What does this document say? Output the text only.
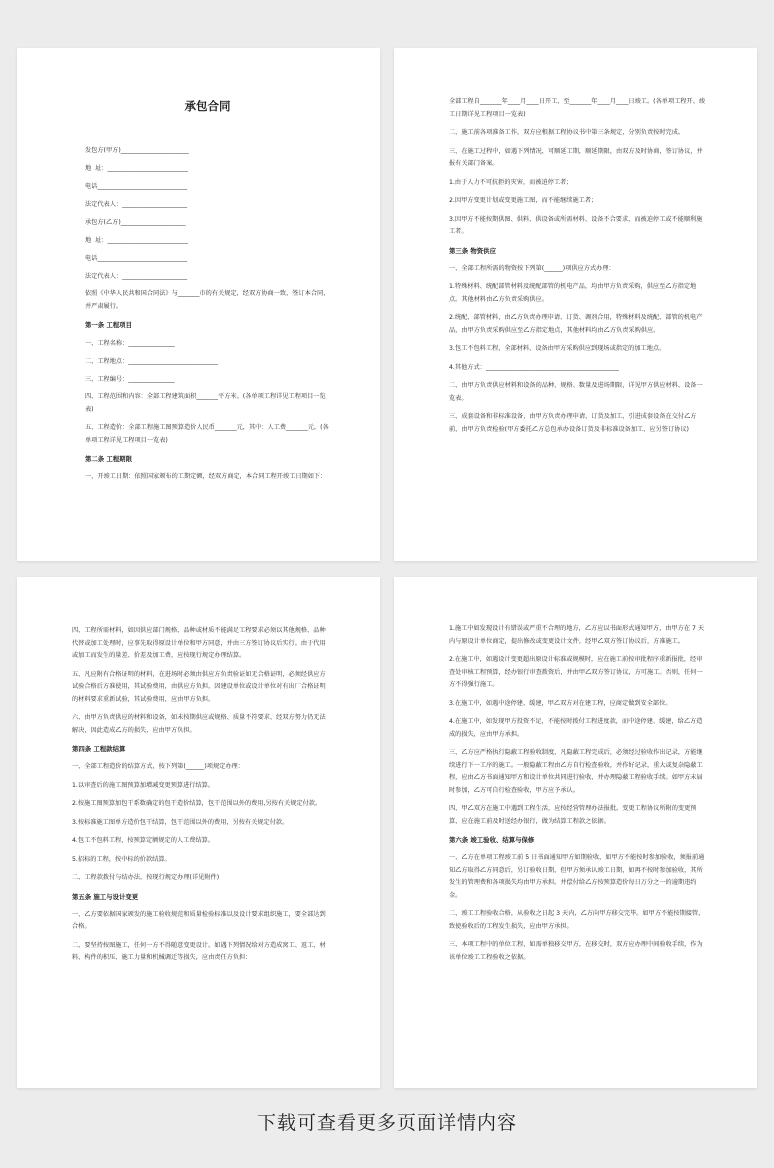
承包合同
发包方(甲方)______________________
地  址：__________________________
电话_____________________________
法定代表人：_____________________
承包方(乙方)_____________________
地  址：__________________________
电话_____________________________
法定代表人：_____________________
依照《中华人民共和国合同法》与_______市的有关规定，经双方协商一致，签订本合同，并严肃履行。
第一条 工程项目
一、工程名称：_______________
二、工程地点：_____________________________
三、工程编号：_______________
四、工程范围和内容：全部工程建筑面积_______平方米。(各单项工程详见工程项目一览表)
五、工程造价：全部工程施工图预算造价人民币_______元，其中：人工费_______元。(各单项工程详见工程项目一览表)
第二条 工程期限
一、开竣工日期：依照国家颁布的工期定额，经双方商定，本合同工程开竣工日期如下：
全部工程自_______年____月____日开工，至_______年____月____日竣工。(各单项工程开、竣工日期详见工程项目一览表)
二、施工前各项准备工作，双方应根据工程协议书中第三条规定，分别负责按时完成。
三、在施工过程中，如遇下列情况，可顺延工期，顺延期限，由双方及时协商，签订协议，并报有关部门备案。
1.由于人力不可抗拒的灾害，而被迫停工者；
2.因甲方变更计划或变更施工图，而不能继续施工者；
3.因甲方不能按期供图、供料、供设备或所需材料、设备不合要求，而被迫停工或不能顺利施工者。
第三条 物资供应
一、全部工程所需的物资按下列第(______)项供应方式办理：
1.特殊材料、统配部管材料及统配部管的机电产品，均由甲方负责采购，供应至乙方指定地点。其他材料由乙方负责采购供应。
2.统配、部管材料，由乙方负责办理申请、订货、调剂合用，特殊材料及统配、部管的机电产品，由甲方负责采购供应至乙方指定地点，其他材料均由乙方负责采购供应。
3.包工不包料工程，全部材料、设备由甲方采购供应到现场或指定的加工地点。
4.其他方式：___________________________________________
二、由甲方负责供应材料和设备的品种、规格、数量及进场期限，详见甲方供应材料、设备一览表。
三、成套设备和非标准设备，由甲方负责办理申请、订货及加工，引进成套设备在交付乙方前，由甲方负责检验(甲方委托乙方总包承办设备订货及非标准设备加工，应另签订协议)
四、工程所需材料，如因供应部门规格、品种或材质不能满足工程要求必须以其他规格、品种代替或加工处理时，应事先取得原设计单位和甲方同意，并由三方签订协议后实行。由于代用或加工而发生的量差、价差及加工费，应按现行规定办理结算。
五、凡应附有合格证明的材料，在进场时必须由供应方负责验证如无合格证明，必须经供应方试验合格后方准使用，其试验费用，由供应方负担，因建设单位或设计单位对有出厂合格证明的材料要求重新试验，其试验费用，应由甲方负担。
六、由甲方负责供应的材料和设备，如未按期供应或规格、质量不符要求，经双方努力仍无法解决，因此造成乙方的损失，应由甲方负担。
第四条 工程款结算
一、全部工程造价的结算方式，按下列第(______)项规定办理：
1.以审查后的施工图预算加增减变更预算进行结算。
2.按施工图预算加包干系数确定的包干造价结算，包干范围以外的费用,另按有关规定付款。
3.按标准施工图单方造价包干结算，包干范围以外的费用，另按有关规定付款。
4.包工不包料工程，按预算定额规定的人工费结算。
5.招标的工程，按中标的价款结算。
二、工程款拨付与结办法，按现行规定办理(详见附件)
第五条 施工与设计变更
一、乙方要依据国家颁发的施工验收规范和质量检验标准以及设计要求组织施工，要全部达到合格。
二、要坚持按图施工，任何一方不得随意变更设计。如遇下列情况给对方造成窝工、返工、材料、构件的积压、施工力量和机械调迁等损失，应由责任方负担：
1.施工中如发现设计有错误或严重不合理的地方，乙方应以书面形式通知甲方，由甲方在 7 天内与原设计单位商定，提出修改或变更设计文件，经甲乙双方签订协议后，方准施工。
2.在施工中，如遇设计变更超出原设计标准或规模时，应在施工前按审批程序重新报批，经审查处审核工程预算，经办银行审查拨资后，并由甲乙双方签订协议，方可施工。否则，任何一方不得强行施工。
3.在施工中，如遇中途停建、缓建，甲乙双方对在建工程，应商定做到安全部位。
4.在施工中，如发现甲方投资不足，不能按时拨付工程进度款，而中途停建、缓建，给乙方造成的损失，应由甲方承担。
三、乙方应严格执行隐蔽工程验收制度，凡隐蔽工程完成后，必须经过验收作出记录，方能继续进行下一工序的施工。一般隐蔽工程由乙方自行检查验收，并作好记录，重大或复杂隐蔽工程，应由乙方书面通知甲方和设计单位共同进行验收，并办理隐蔽工程验收手续。如甲方未届时参加，乙方可自行检查验收，甲方应予承认。
四、甲乙双方在施工中遇到工程生活，应按经营管理办法报批。变更工程协议所附的变更预算，应在施工前及时送经办银行，做为结算工程款之依据。
第六条 竣工验收、结算与保修
一、乙方在单项工程竣工前 5 日书面通知甲方如期验收，如甲方不能按时参加验收，须报前通知乙方取得乙方同意后，另订验收日期，但甲方须承认竣工日期，如再不按时参加验收，其所发生的管理费和各项损失均由甲方承担。并偿付给乙方按预算造价每日万分之一的逾期违约金。
二、竣工工程验收合格，从验收之日起 3 天内，乙方向甲方移交完毕。如甲方不能按期接管，致使验收后的工程发生损失，应由甲方承担。
三、本项工程中的单位工程，如需单独移交甲方，在移交时，双方应办理中间验收手续，作为该单位竣工工程验收之依据。
下载可查看更多页面详情内容
